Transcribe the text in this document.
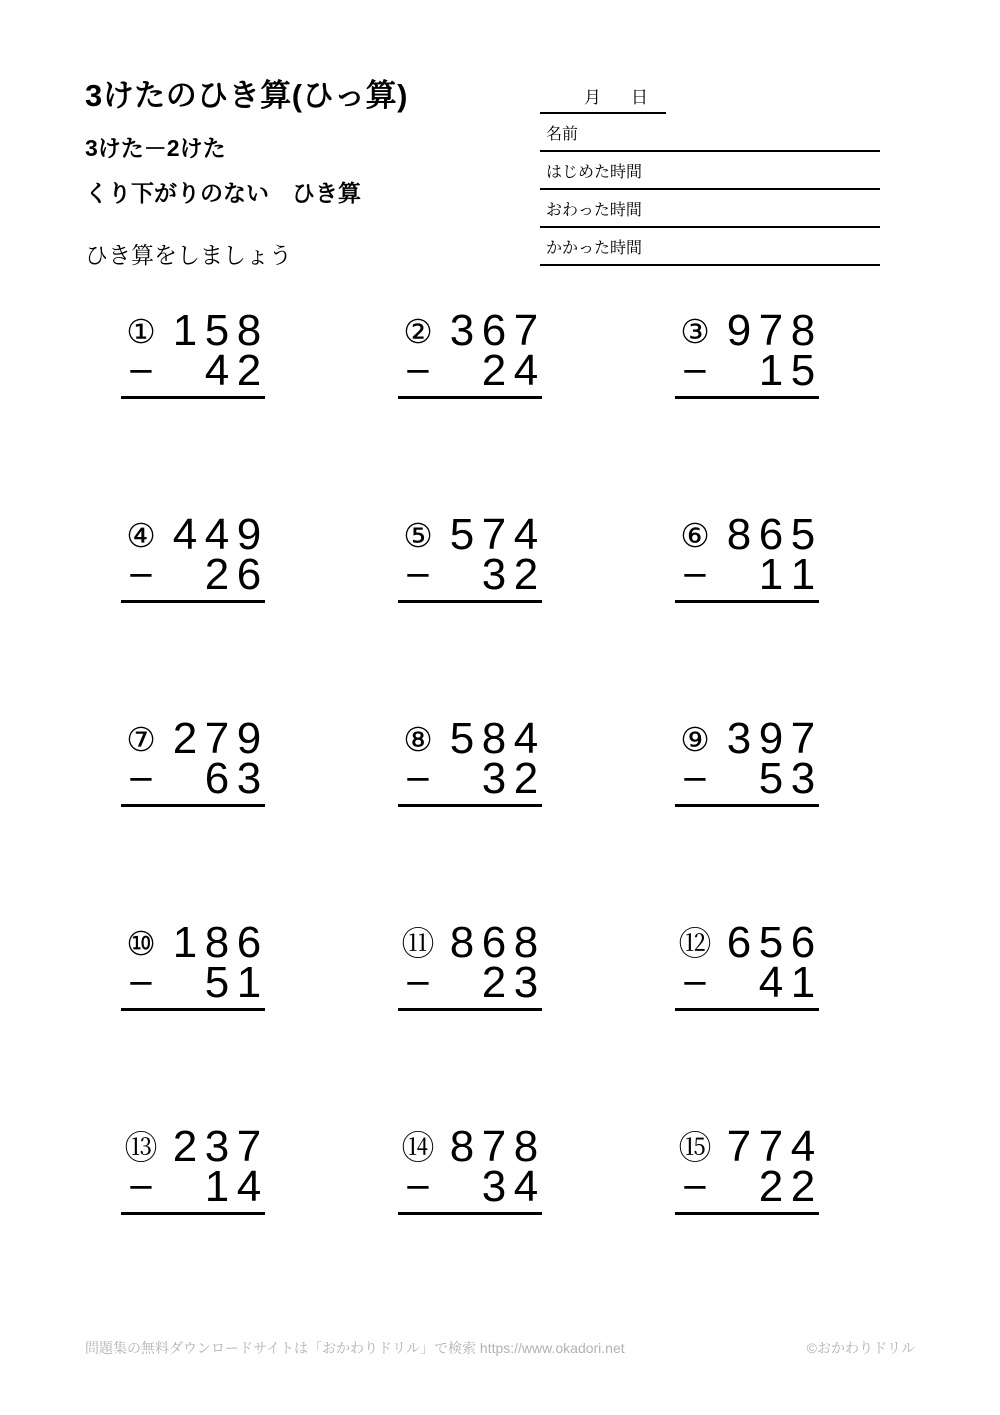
3けたのひき算(ひっ算)
3けた－2けた
くり下がりのない　ひき算
ひき算をしましょう
月 日
名前
はじめた時間
おわった時間
かかった時間
① 1 5 8
−	4 2
② 3 6 7
−	2 4
③ 9 7 8
−	1 5
④ 4 4 9
−	2 6
⑤ 5 7 4
−	3 2
⑥ 8 6 5
−	1 1
⑦ 2 7 9
−	6 3
⑧ 5 8 4
−	3 2
⑨ 3 9 7
−	5 3
⑩ 1 8 6
−	5 1
⑪ 8 6 8
−	2 3
⑫ 6 5 6
−	4 1
⑬ 2 3 7
−	1 4
⑭ 8 7 8
−	3 4
⑮ 7 7 4
−	2 2
問題集の無料ダウンロードサイトは「おかわりドリル」で検索 https://www.okadori.net	©おかわりドリル
